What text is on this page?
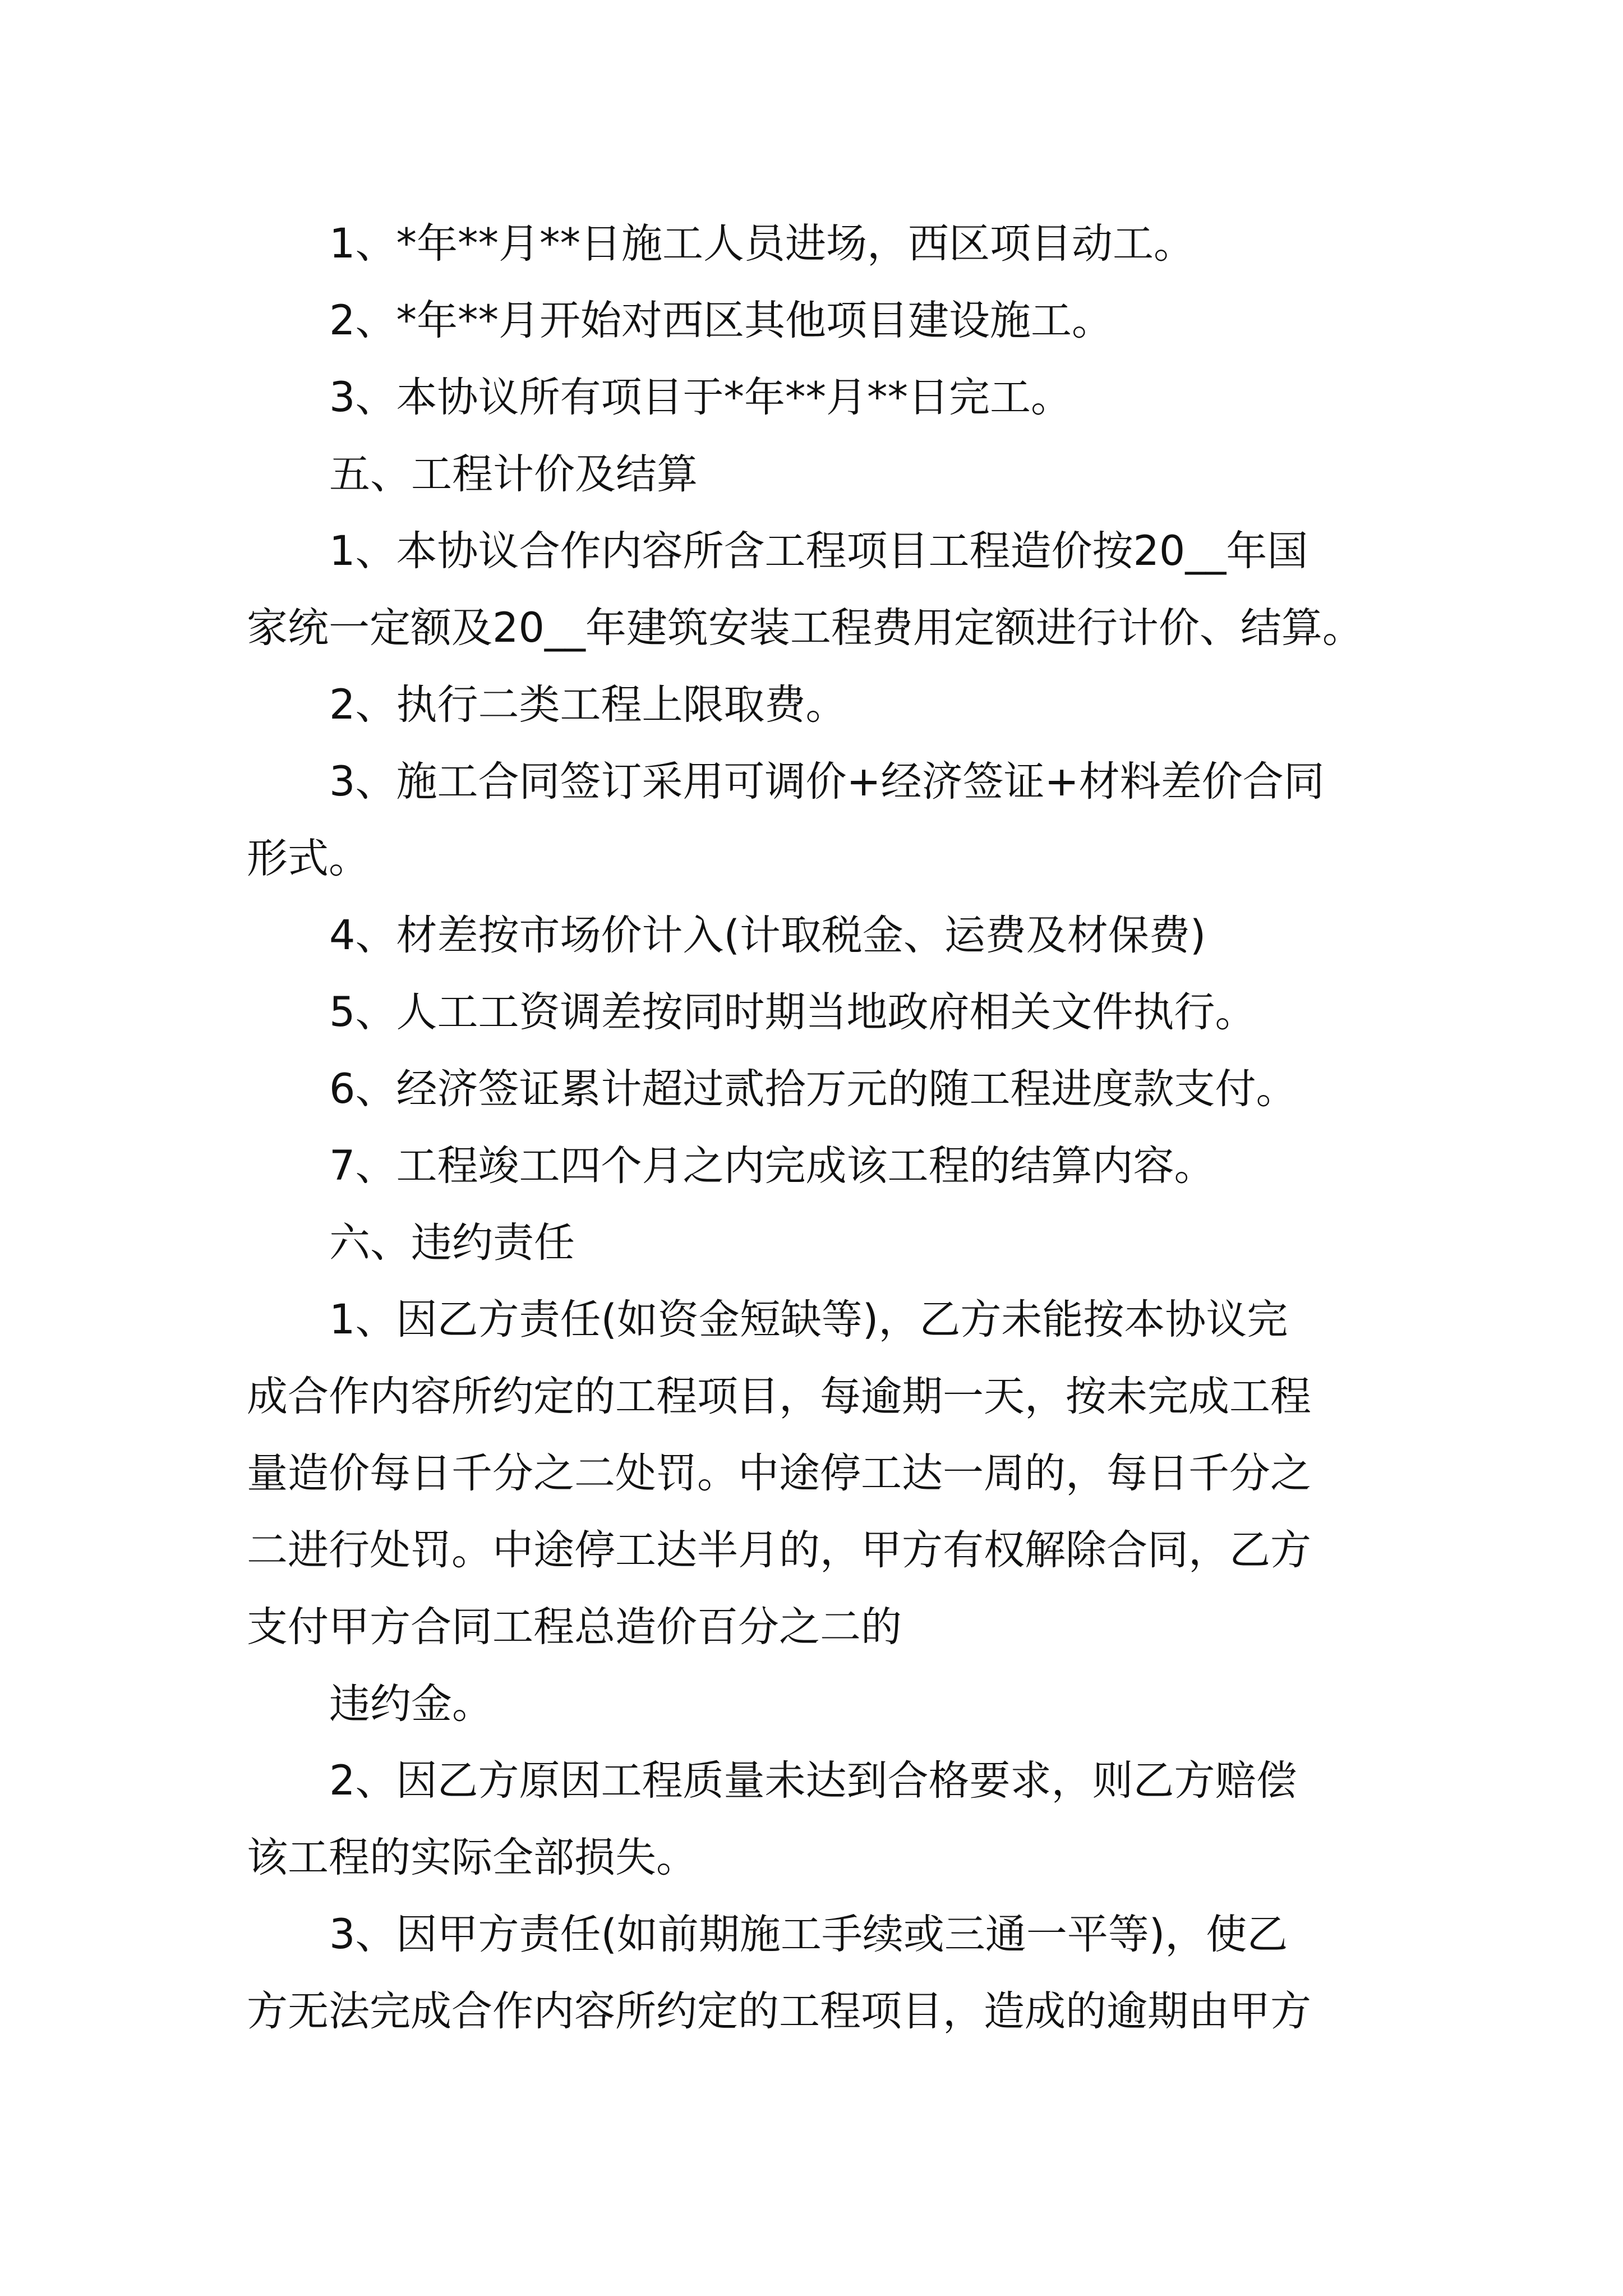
1、*年**月**日施工人员进场，西区项目动工。
2、*年**月开始对西区其他项目建设施工。
3、本协议所有项目于*年**月**日完工。
五、工程计价及结算
1、本协议合作内容所含工程项目工程造价按20__年国
家统一定额及20__年建筑安装工程费用定额进行计价、结算。
2、执行二类工程上限取费。
3、施工合同签订采用可调价+经济签证+材料差价合同
形式。
4、材差按市场价计入(计取税金、运费及材保费)
5、人工工资调差按同时期当地政府相关文件执行。
6、经济签证累计超过贰拾万元的随工程进度款支付。
7、工程竣工四个月之内完成该工程的结算内容。
六、违约责任
1、因乙方责任(如资金短缺等)，乙方未能按本协议完
成合作内容所约定的工程项目，每逾期一天，按未完成工程
量造价每日千分之二处罚。中途停工达一周的，每日千分之
二进行处罚。中途停工达半月的，甲方有权解除合同，乙方
支付甲方合同工程总造价百分之二的
违约金。
2、因乙方原因工程质量未达到合格要求，则乙方赔偿
该工程的实际全部损失。
3、因甲方责任(如前期施工手续或三通一平等)，使乙
方无法完成合作内容所约定的工程项目，造成的逾期由甲方
